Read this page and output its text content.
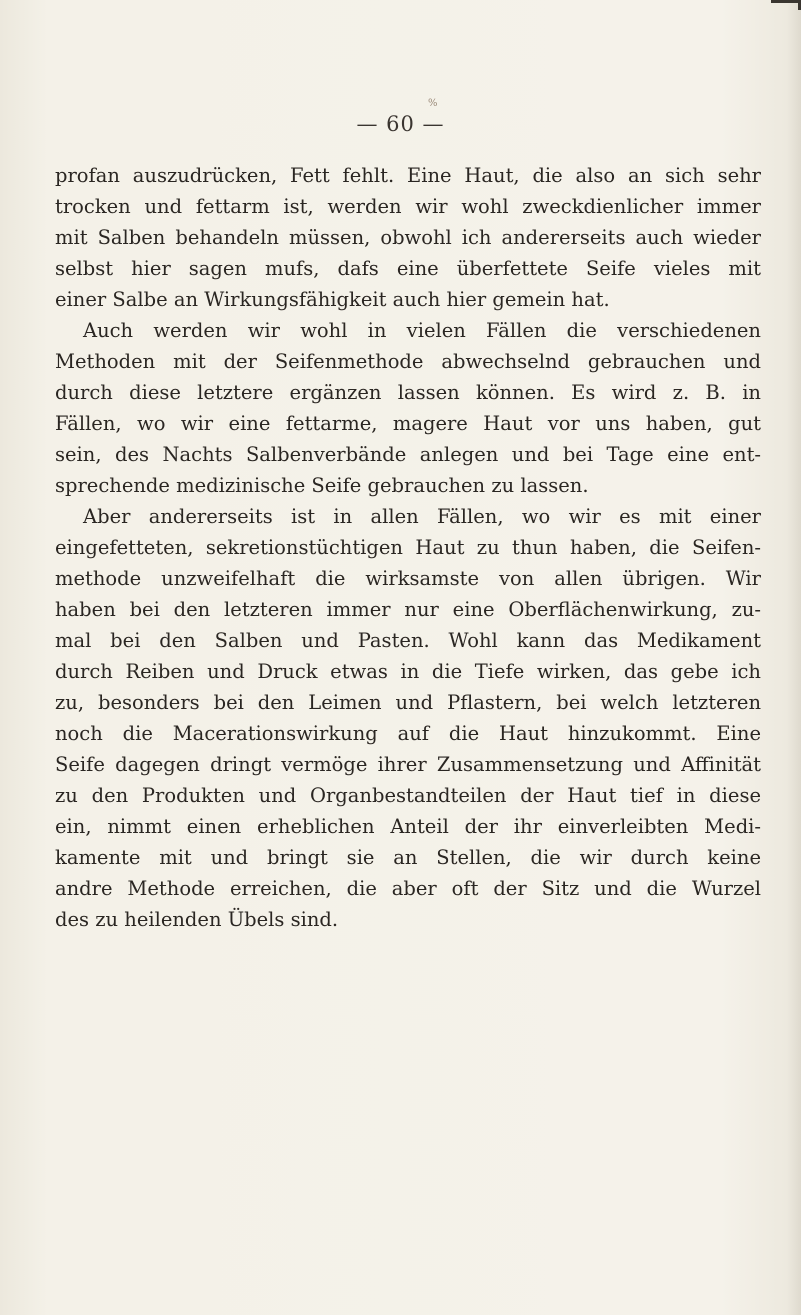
%
— 60 —
profan auszudrücken, Fett fehlt. Eine Haut, die also an sich sehr
trocken und fettarm ist, werden wir wohl zweckdienlicher immer
mit Salben behandeln müssen, obwohl ich andererseits auch wieder
selbst hier sagen mufs, dafs eine überfettete Seife vieles mit
einer Salbe an Wirkungsfähigkeit auch hier gemein hat.
Auch werden wir wohl in vielen Fällen die verschiedenen
Methoden mit der Seifenmethode abwechselnd gebrauchen und
durch diese letztere ergänzen lassen können. Es wird z. B. in
Fällen, wo wir eine fettarme, magere Haut vor uns haben, gut
sein, des Nachts Salbenverbände anlegen und bei Tage eine ent-
sprechende medizinische Seife gebrauchen zu lassen.
Aber andererseits ist in allen Fällen, wo wir es mit einer
eingefetteten, sekretionstüchtigen Haut zu thun haben, die Seifen-
methode unzweifelhaft die wirksamste von allen übrigen. Wir
haben bei den letzteren immer nur eine Oberflächenwirkung, zu-
mal bei den Salben und Pasten. Wohl kann das Medikament
durch Reiben und Druck etwas in die Tiefe wirken, das gebe ich
zu, besonders bei den Leimen und Pflastern, bei welch letzteren
noch die Macerationswirkung auf die Haut hinzukommt. Eine
Seife dagegen dringt vermöge ihrer Zusammensetzung und Affinität
zu den Produkten und Organbestandteilen der Haut tief in diese
ein, nimmt einen erheblichen Anteil der ihr einverleibten Medi-
kamente mit und bringt sie an Stellen, die wir durch keine
andre Methode erreichen, die aber oft der Sitz und die Wurzel
des zu heilenden Übels sind.
